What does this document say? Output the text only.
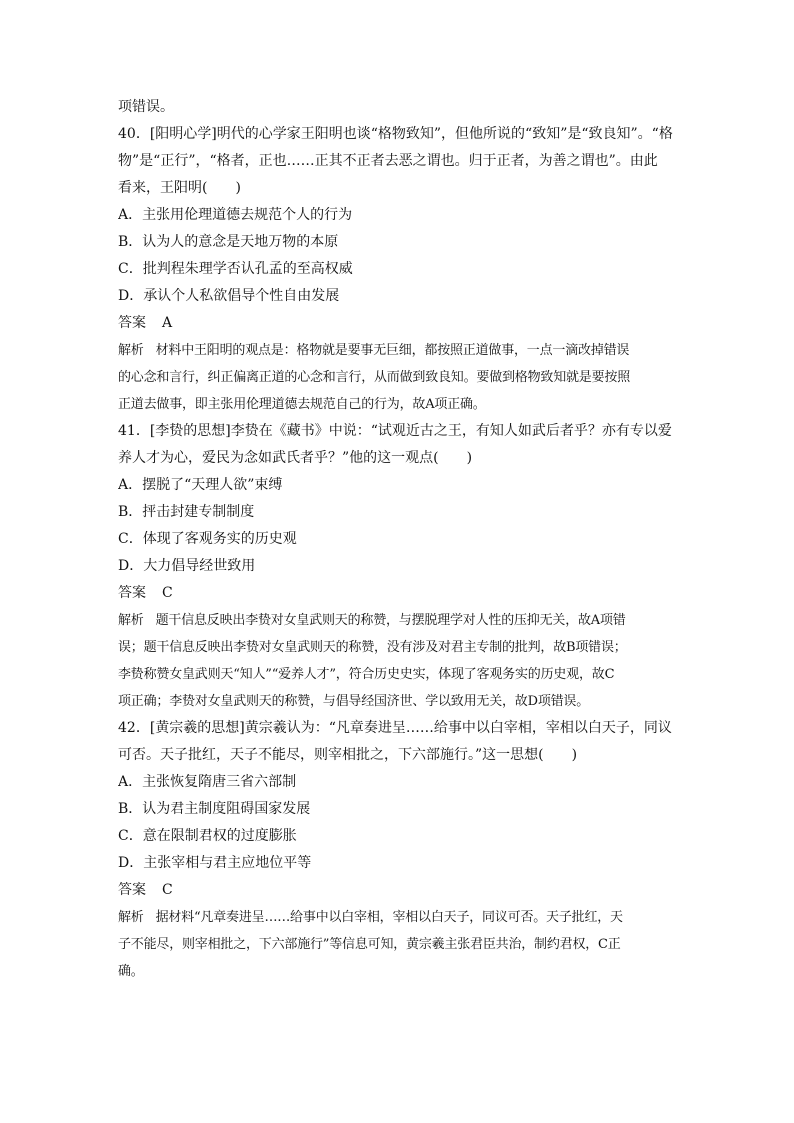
项错误。
40．[阳明心学]明代的心学家王阳明也谈“格物致知”，但他所说的“致知”是“致良知”。“格
物”是“正行”，“格者，正也……正其不正者去恶之谓也。归于正者，为善之谓也”。由此
看来，王阳明(　　)
A．主张用伦理道德去规范个人的行为
B．认为人的意念是天地万物的本原
C．批判程朱理学否认孔孟的至高权威
D．承认个人私欲倡导个性自由发展
答案 A
解析 材料中王阳明的观点是：格物就是要事无巨细，都按照正道做事，一点一滴改掉错误
的心念和言行，纠正偏离正道的心念和言行，从而做到致良知。要做到格物致知就是要按照
正道去做事，即主张用伦理道德去规范自己的行为，故A项正确。
41．[李贽的思想]李贽在《藏书》中说：“试观近古之王，有知人如武后者乎？亦有专以爱
养人才为心，爱民为念如武氏者乎？”他的这一观点(　　)
A．摆脱了“天理人欲”束缚
B．抨击封建专制制度
C．体现了客观务实的历史观
D．大力倡导经世致用
答案 C
解析 题干信息反映出李贽对女皇武则天的称赞，与摆脱理学对人性的压抑无关，故A项错
误；题干信息反映出李贽对女皇武则天的称赞，没有涉及对君主专制的批判，故B项错误；
李贽称赞女皇武则天“知人”“爱养人才”，符合历史史实，体现了客观务实的历史观，故C
项正确；李贽对女皇武则天的称赞，与倡导经国济世、学以致用无关，故D项错误。
42．[黄宗羲的思想]黄宗羲认为：“凡章奏进呈……给事中以白宰相，宰相以白天子，同议
可否。天子批红，天子不能尽，则宰相批之，下六部施行。”这一思想(　　)
A．主张恢复隋唐三省六部制
B．认为君主制度阻碍国家发展
C．意在限制君权的过度膨胀
D．主张宰相与君主应地位平等
答案 C
解析 据材料“凡章奏进呈……给事中以白宰相，宰相以白天子，同议可否。天子批红，天
子不能尽，则宰相批之，下六部施行”等信息可知，黄宗羲主张君臣共治，制约君权，C正
确。
